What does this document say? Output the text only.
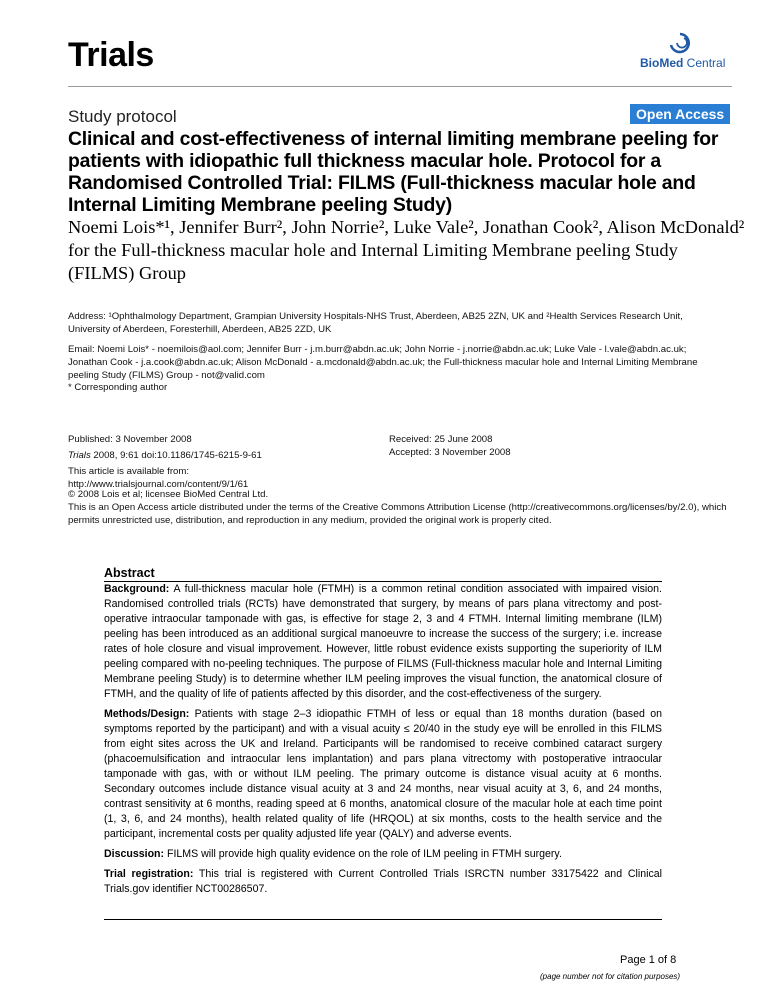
Trials	BioMed Central
Study protocol	Open Access
Clinical and cost-effectiveness of internal limiting membrane peeling for patients with idiopathic full thickness macular hole. Protocol for a Randomised Controlled Trial: FILMS (Full-thickness macular hole and Internal Limiting Membrane peeling Study)
Noemi Lois*¹, Jennifer Burr², John Norrie², Luke Vale², Jonathan Cook², Alison McDonald² for the Full-thickness macular hole and Internal Limiting Membrane peeling Study (FILMS) Group
Address: ¹Ophthalmology Department, Grampian University Hospitals-NHS Trust, Aberdeen, AB25 2ZN, UK and ²Health Services Research Unit, University of Aberdeen, Foresterhill, Aberdeen, AB25 2ZD, UK
Email: Noemi Lois* - noemilois@aol.com; Jennifer Burr - j.m.burr@abdn.ac.uk; John Norrie - j.norrie@abdn.ac.uk; Luke Vale - l.vale@abdn.ac.uk; Jonathan Cook - j.a.cook@abdn.ac.uk; Alison McDonald - a.mcdonald@abdn.ac.uk; the Full-thickness macular hole and Internal Limiting Membrane peeling Study (FILMS) Group - not@valid.com
* Corresponding author
Published: 3 November 2008
Trials 2008, 9:61 doi:10.1186/1745-6215-9-61
This article is available from: http://www.trialsjournal.com/content/9/1/61
Received: 25 June 2008
Accepted: 3 November 2008
© 2008 Lois et al; licensee BioMed Central Ltd.
This is an Open Access article distributed under the terms of the Creative Commons Attribution License (http://creativecommons.org/licenses/by/2.0), which permits unrestricted use, distribution, and reproduction in any medium, provided the original work is properly cited.
Abstract

Background: A full-thickness macular hole (FTMH) is a common retinal condition associated with impaired vision. Randomised controlled trials (RCTs) have demonstrated that surgery, by means of pars plana vitrectomy and post-operative intraocular tamponade with gas, is effective for stage 2, 3 and 4 FTMH. Internal limiting membrane (ILM) peeling has been introduced as an additional surgical manoeuvre to increase the success of the surgery; i.e. increase rates of hole closure and visual improvement. However, little robust evidence exists supporting the superiority of ILM peeling compared with no-peeling techniques. The purpose of FILMS (Full-thickness macular hole and Internal Limiting Membrane peeling Study) is to determine whether ILM peeling improves the visual function, the anatomical closure of FTMH, and the quality of life of patients affected by this disorder, and the cost-effectiveness of the surgery.

Methods/Design: Patients with stage 2–3 idiopathic FTMH of less or equal than 18 months duration (based on symptoms reported by the participant) and with a visual acuity ≤ 20/40 in the study eye will be enrolled in this FILMS from eight sites across the UK and Ireland. Participants will be randomised to receive combined cataract surgery (phacoemulsification and intraocular lens implantation) and pars plana vitrectomy with postoperative intraocular tamponade with gas, with or without ILM peeling. The primary outcome is distance visual acuity at 6 months. Secondary outcomes include distance visual acuity at 3 and 24 months, near visual acuity at 3, 6, and 24 months, contrast sensitivity at 6 months, reading speed at 6 months, anatomical closure of the macular hole at each time point (1, 3, 6, and 24 months), health related quality of life (HRQOL) at six months, costs to the health service and the participant, incremental costs per quality adjusted life year (QALY) and adverse events.

Discussion: FILMS will provide high quality evidence on the role of ILM peeling in FTMH surgery.

Trial registration: This trial is registered with Current Controlled Trials ISRCTN number 33175422 and Clinical Trials.gov identifier NCT00286507.

Page 1 of 8
(page number not for citation purposes)
